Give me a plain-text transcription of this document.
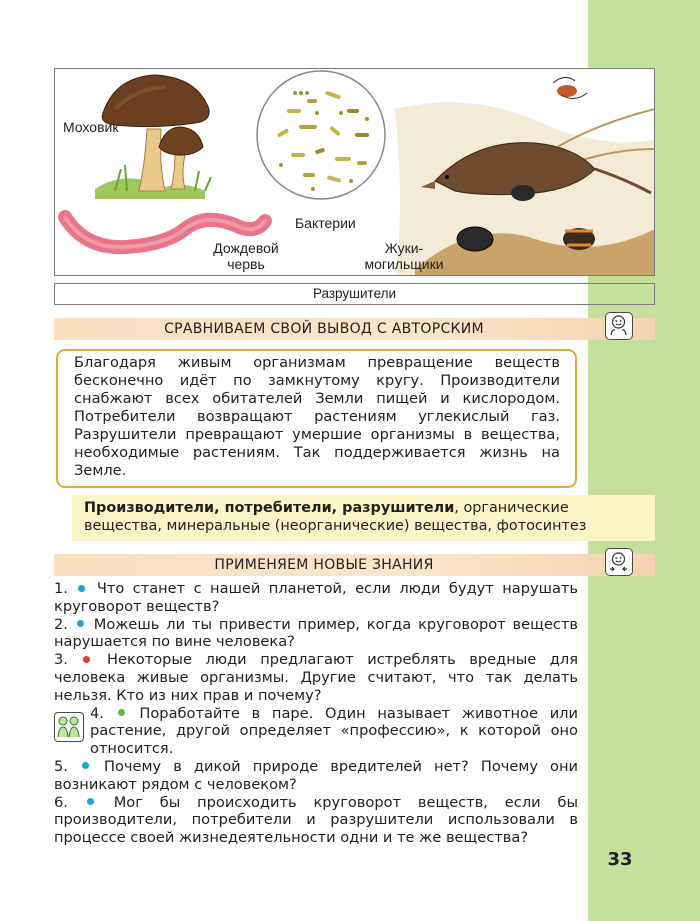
Моховик
Бактерии
Дождевой
червь
Жуки-
могильщики
Разрушители
СРАВНИВАЕМ СВОЙ ВЫВОД С АВТОРСКИМ
Благодаря живым организмам превращение веществ бесконечно идёт по замкнутому кругу. Производители снабжают всех обитателей Земли пищей и кислородом. Потребители возвращают растениям углекислый газ. Разрушители превращают умершие организмы в вещества, необходимые растениям. Так поддерживается жизнь на Земле.
Производители, потребители, разрушители, органические вещества, минеральные (неорганические) вещества, фотосинтез
ПРИМЕНЯЕМ НОВЫЕ ЗНАНИЯ
1. Что станет с нашей планетой, если люди будут нарушать круговорот веществ?
2. Можешь ли ты привести пример, когда круговорот веществ нарушается по вине человека?
3.	Некоторые люди предлагают истреблять вредные для человека живые организмы. Другие считают, что так делать нельзя. Кто из них прав и почему?
4. Поработайте в паре. Один называет животное или растение, другой определяет «профессию», к которой оно относится.
5. Почему в дикой природе вредителей нет? Почему они возникают рядом с человеком?
6.	Мог бы происходить круговорот веществ, если бы производители, потребители и разрушители использовали в процессе своей жизнедеятельности одни и те же вещества?
33
